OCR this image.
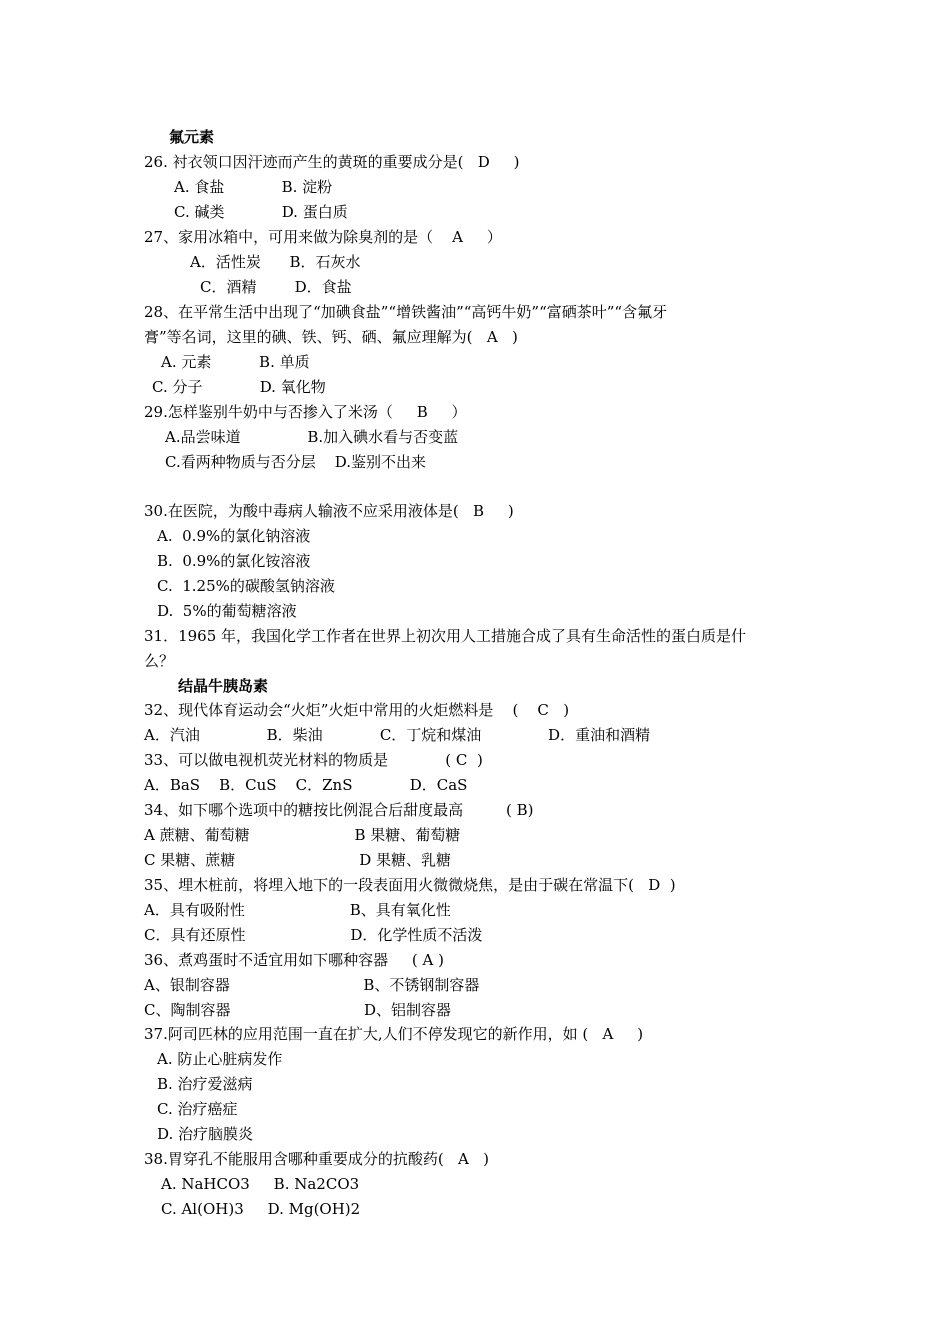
氟元素
26. 衬衣领口因汗迹而产生的黄斑的重要成分是(   D     )
A. 食盐            B. 淀粉
C. 碱类            D. 蛋白质
27、家用冰箱中，可用来做为除臭剂的是（    A     ）
A．活性炭      B．石灰水
C．酒精        D．食盐
28、在平常生活中出现了“加碘食盐”“增铁酱油”“高钙牛奶”“富硒茶叶”“含氟牙
膏”等名词，这里的碘、铁、钙、硒、氟应理解为(   A   )
A. 元素          B. 单质
C. 分子            D. 氧化物
29.怎样鉴别牛奶中与否掺入了米汤（     B     ）
A.品尝味道              B.加入碘水看与否变蓝
C.看两种物质与否分层    D.鉴别不出来
30.在医院，为酸中毒病人输液不应采用液体是(   B     )
A.  0.9%的氯化钠溶液
B.  0.9%的氯化铵溶液
C.  1.25%的碳酸氢钠溶液
D.  5%的葡萄糖溶液
31．1965 年，我国化学工作者在世界上初次用人工措施合成了具有生命活性的蛋白质是什
么？
结晶牛胰岛素
32、现代体育运动会“火炬”火炬中常用的火炬燃料是    (    C   )
A．汽油              B．柴油            C．丁烷和煤油              D．重油和酒精
33、可以做电视机荧光材料的物质是            ( C  )
A．BaS    B．CuS    C．ZnS            D．CaS
34、如下哪个选项中的糖按比例混合后甜度最高         ( B)
A 蔗糖、葡萄糖                      B 果糖、葡萄糖
C 果糖、蔗糖                          D 果糖、乳糖
35、埋木桩前，将埋入地下的一段表面用火微微烧焦，是由于碳在常温下(   D  )
A．具有吸附性                      B、具有氧化性
C．具有还原性                      D．化学性质不活泼
36、煮鸡蛋时不适宜用如下哪种容器     ( A )
A、银制容器                            B、不锈钢制容器
C、陶制容器                            D、铝制容器
37.阿司匹林的应用范围一直在扩大,人们不停发现它的新作用，如 (   A     )
A. 防止心脏病发作
B. 治疗爱滋病
C. 治疗癌症
D. 治疗脑膜炎
38.胃穿孔不能服用含哪种重要成分的抗酸药(   A   )
A. NaHCO3     B. Na2CO3
C. Al(OH)3     D. Mg(OH)2
